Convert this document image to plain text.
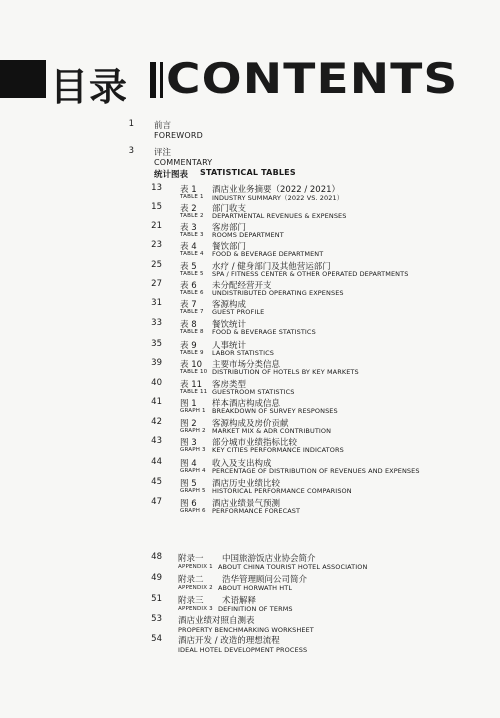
目录 CONTENTS
1 前言
FOREWORD
3 评注
COMMENTARY
统计图表 STATISTICAL TABLES
13 表 1 酒店业业务摘要（2022 / 2021）
TABLE 1 INDUSTRY SUMMARY（2022 VS. 2021）
15 表 2 部门收支
TABLE 2 DEPARTMENTAL REVENUES & EXPENSES
21 表 3 客房部门
TABLE 3 ROOMS DEPARTMENT
23 表 4 餐饮部门
TABLE 4 FOOD & BEVERAGE DEPARTMENT
25 表 5 水疗 / 健身部门及其他营运部门
TABLE 5 SPA / FITNESS CENTER & OTHER OPERATED DEPARTMENTS
27 表 6 未分配经营开支
TABLE 6 UNDISTRIBUTED OPERATING EXPENSES
31 表 7 客源构成
TABLE 7 GUEST PROFILE
33 表 8 餐饮统计
TABLE 8 FOOD & BEVERAGE STATISTICS
35 表 9 人事统计
TABLE 9 LABOR STATISTICS
39 表 10 主要市场分类信息
TABLE 10 DISTRIBUTION OF HOTELS BY KEY MARKETS
40 表 11 客房类型
TABLE 11 GUESTROOM STATISTICS
41 图 1 样本酒店构成信息
GRAPH 1 BREAKDOWN OF SURVEY RESPONSES
42 图 2 客源构成及房价贡献
GRAPH 2 MARKET MIX & ADR CONTRIBUTION
43 图 3 部分城市业绩指标比较
GRAPH 3 KEY CITIES PERFORMANCE INDICATORS
44 图 4 收入及支出构成
GRAPH 4 PERCENTAGE OF DISTRIBUTION OF REVENUES AND EXPENSES
45 图 5 酒店历史业绩比较
GRAPH 5 HISTORICAL PERFORMANCE COMPARISON
47 图 6 酒店业绩景气预测
GRAPH 6 PERFORMANCE FORECAST
48 附录一 中国旅游饭店业协会简介
APPENDIX 1 ABOUT CHINA TOURIST HOTEL ASSOCIATION
49 附录二 浩华管理顾问公司简介
APPENDIX 2 ABOUT HORWATH HTL
51 附录三 术语解释
APPENDIX 3 DEFINITION OF TERMS
53 酒店业绩对照自测表
PROPERTY BENCHMARKING WORKSHEET
54 酒店开发 / 改造的理想流程
IDEAL HOTEL DEVELOPMENT PROCESS
